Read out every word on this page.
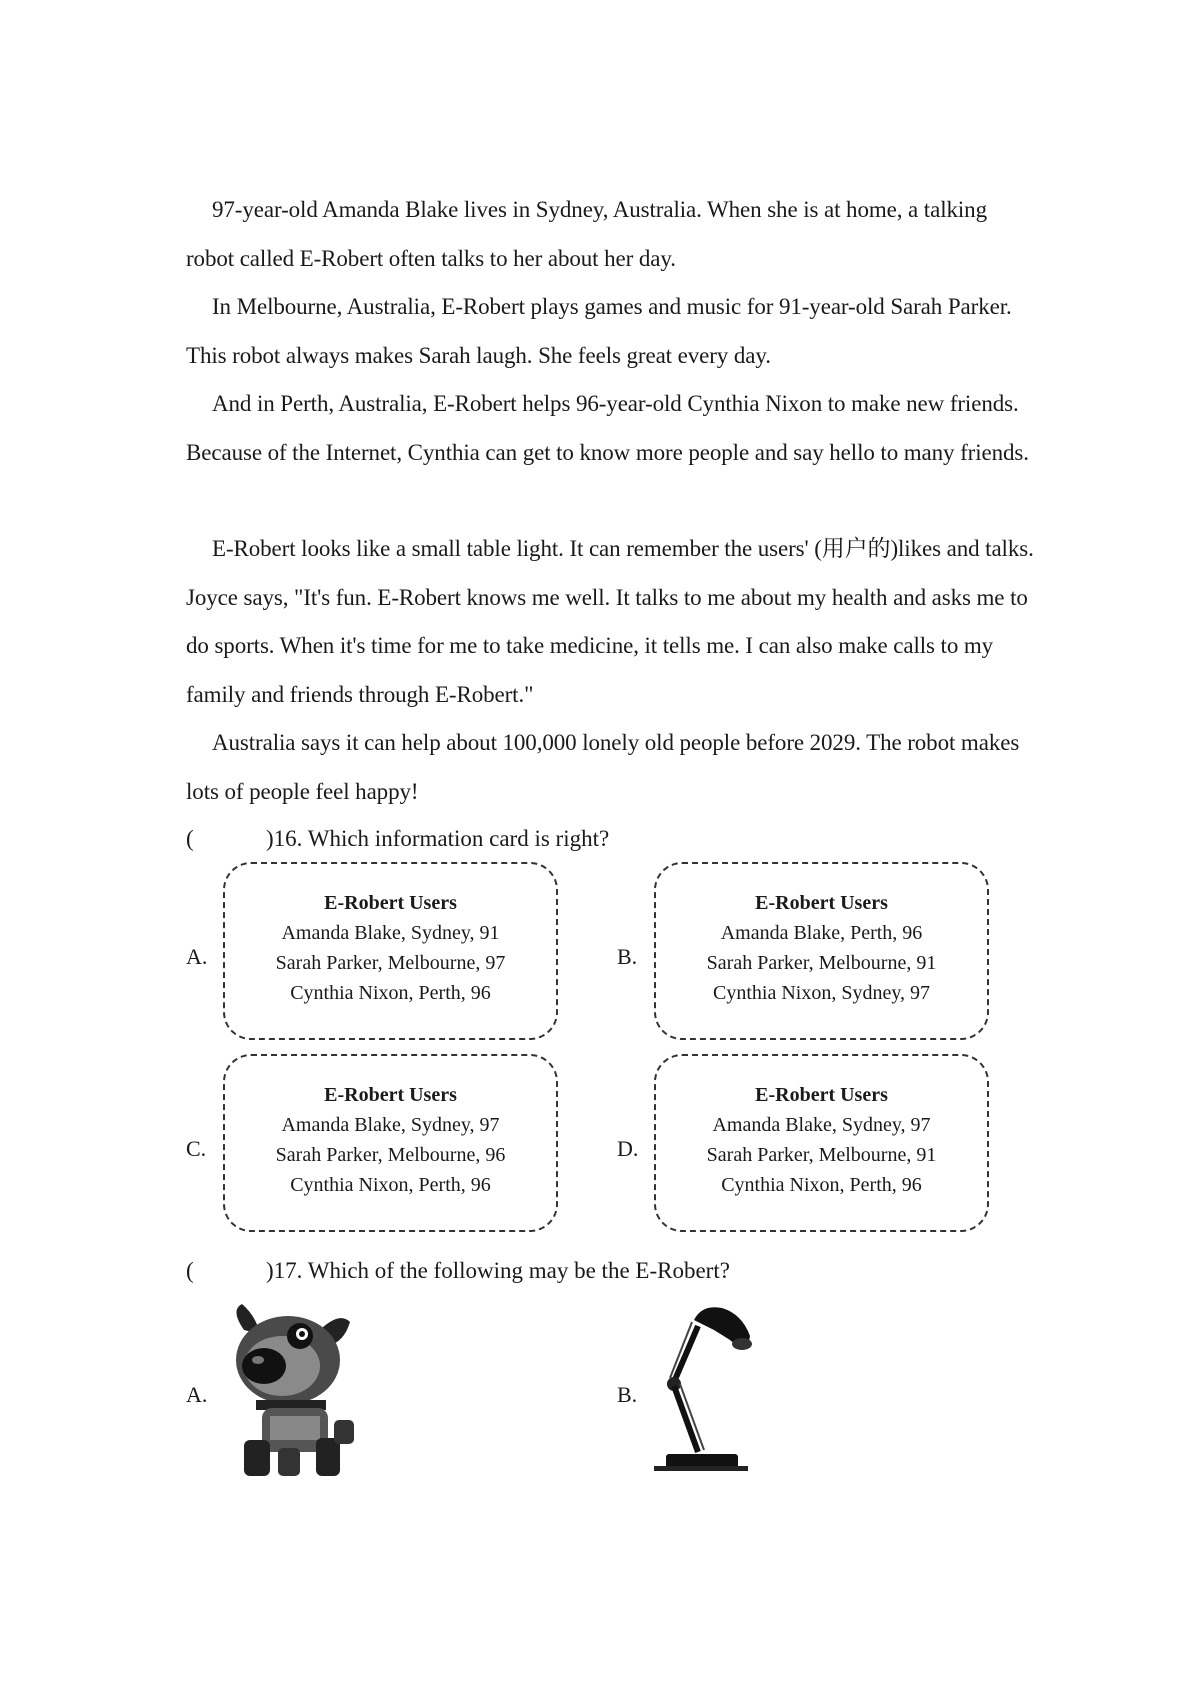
97-year-old Amanda Blake lives in Sydney, Australia. When she is at home, a talking robot called E-Robert often talks to her about her day.

In Melbourne, Australia, E-Robert plays games and music for 91-year-old Sarah Parker. This robot always makes Sarah laugh. She feels great every day.

And in Perth, Australia, E-Robert helps 96-year-old Cynthia Nixon to make new friends. Because of the Internet, Cynthia can get to know more people and say hello to many friends.

E-Robert looks like a small table light. It can remember the users' (用户的)likes and talks. Joyce says, "It's fun. E-Robert knows me well. It talks to me about my health and asks me to do sports. When it's time for me to take medicine, it tells me. I can also make calls to my family and friends through E-Robert."

Australia says it can help about 100,000 lonely old people before 2029. The robot makes lots of people feel happy!

(	)16. Which information card is right?
A.
E-Robert Users
Amanda Blake, Sydney, 91
Sarah Parker, Melbourne, 97
Cynthia Nixon, Perth, 96
B.
E-Robert Users
Amanda Blake, Perth, 96
Sarah Parker, Melbourne, 91
Cynthia Nixon, Sydney, 97
C.
E-Robert Users
Amanda Blake, Sydney, 97
Sarah Parker, Melbourne, 96
Cynthia Nixon, Perth, 96
D.
E-Robert Users
Amanda Blake, Sydney, 97
Sarah Parker, Melbourne, 91
Cynthia Nixon, Perth, 96
(	)17. Which of the following may be the E-Robert?
A.	B.
